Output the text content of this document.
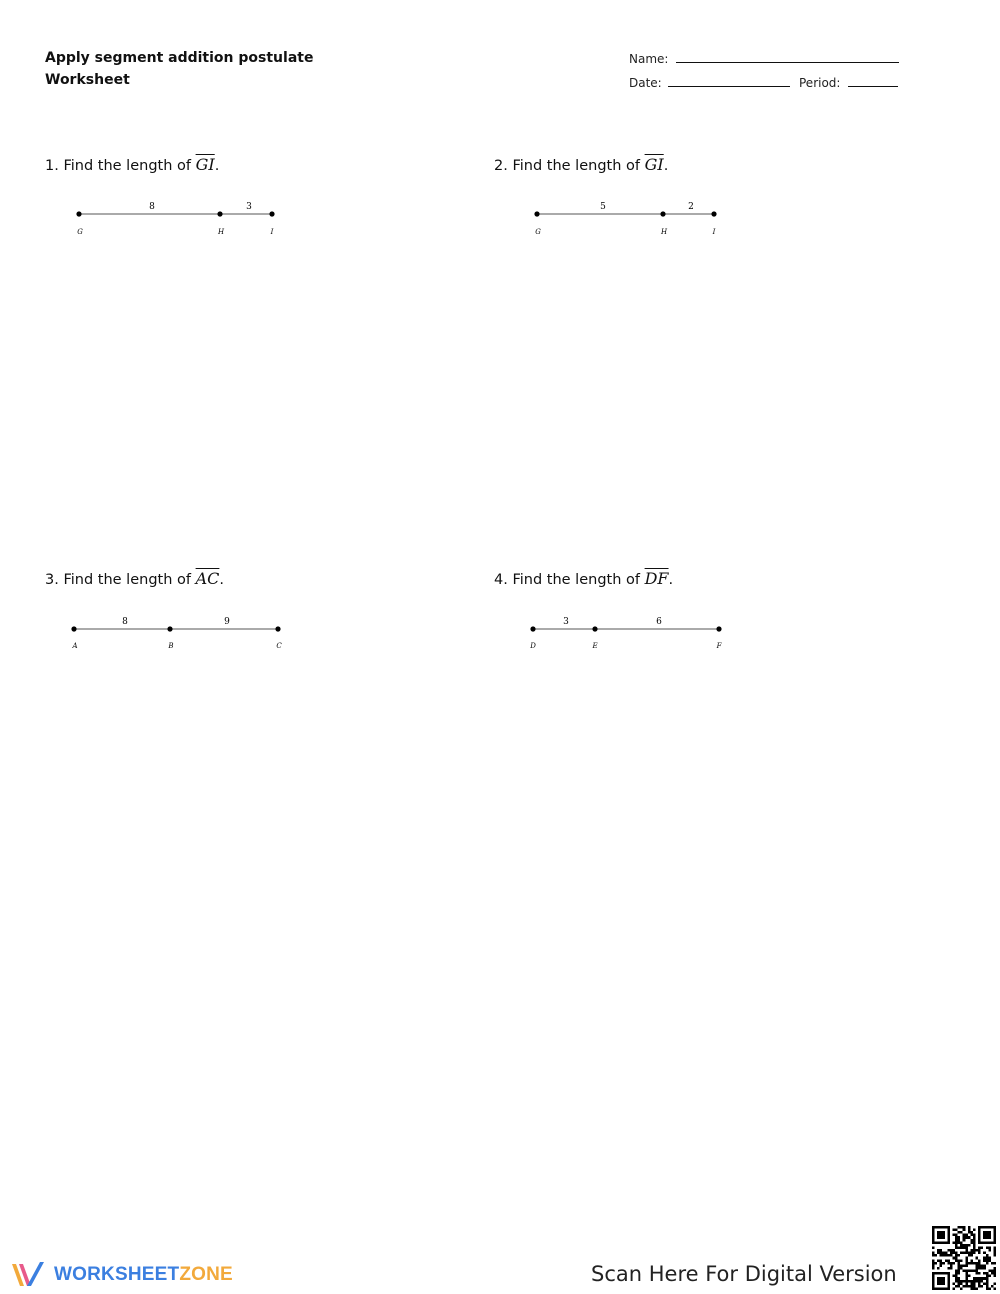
Apply segment addition postulate
Worksheet
Name:
Date:	Period:
1. Find the length of $\overline{GI}$.
8	3
G	H	I
2. Find the length of $\overline{GI}$.
5	2
G	H	I
3. Find the length of $\overline{AC}$.
8	9
A	B	C
4. Find the length of $\overline{DF}$.
3	6
D	E	F
WORKSHEETZONE	Scan Here For Digital Version
